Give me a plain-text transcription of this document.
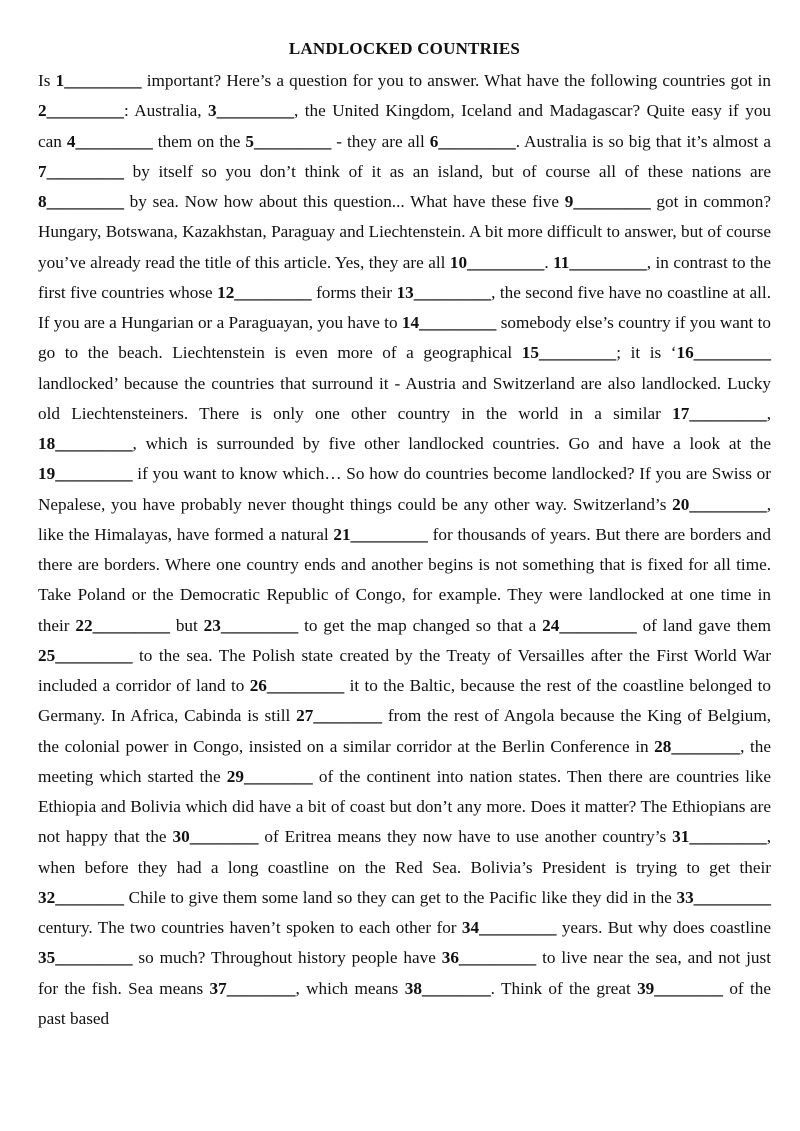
LANDLOCKED COUNTRIES

Is 1_________ important? Here’s a question for you to answer. What have the following countries got in 2_________: Australia, 3_________, the United Kingdom, Iceland and Madagascar? Quite easy if you can 4_________ them on the 5_________ - they are all 6_________. Australia is so big that it’s almost a 7_________ by itself so you don’t think of it as an island, but of course all of these nations are 8_________ by sea. Now how about this question... What have these five 9_________ got in common? Hungary, Botswana, Kazakhstan, Paraguay and Liechtenstein. A bit more difficult to answer, but of course you’ve already read the title of this article. Yes, they are all 10_________. 11_________, in contrast to the first five countries whose 12_________ forms their 13_________, the second five have no coastline at all. If you are a Hungarian or a Paraguayan, you have to 14_________ somebody else’s country if you want to go to the beach. Liechtenstein is even more of a geographical 15_________; it is ‘16_________ landlocked’ because the countries that surround it - Austria and Switzerland are also landlocked. Lucky old Liechtensteiners. There is only one other country in the world in a similar 17_________, 18_________, which is surrounded by five other landlocked countries. Go and have a look at the 19_________ if you want to know which… So how do countries become landlocked? If you are Swiss or Nepalese, you have probably never thought things could be any other way. Switzerland’s 20_________, like the Himalayas, have formed a natural 21_________ for thousands of years. But there are borders and there are borders. Where one country ends and another begins is not something that is fixed for all time. Take Poland or the Democratic Republic of Congo, for example. They were landlocked at one time in their 22_________ but 23_________ to get the map changed so that a 24_________ of land gave them 25_________ to the sea. The Polish state created by the Treaty of Versailles after the First World War included a corridor of land to 26_________ it to the Baltic, because the rest of the coastline belonged to Germany. In Africa, Cabinda is still 27________ from the rest of Angola because the King of Belgium, the colonial power in Congo, insisted on a similar corridor at the Berlin Conference in 28________, the meeting which started the 29________ of the continent into nation states. Then there are countries like Ethiopia and Bolivia which did have a bit of coast but don’t any more. Does it matter? The Ethiopians are not happy that the 30________ of Eritrea means they now have to use another country’s 31_________, when before they had a long coastline on the Red Sea. Bolivia’s President is trying to get their 32________ Chile to give them some land so they can get to the Pacific like they did in the 33_________ century. The two countries haven’t spoken to each other for 34_________ years. But why does coastline 35_________ so much? Throughout history people have 36_________ to live near the sea, and not just for the fish. Sea means 37________, which means 38________. Think of the great 39________ of the past based
